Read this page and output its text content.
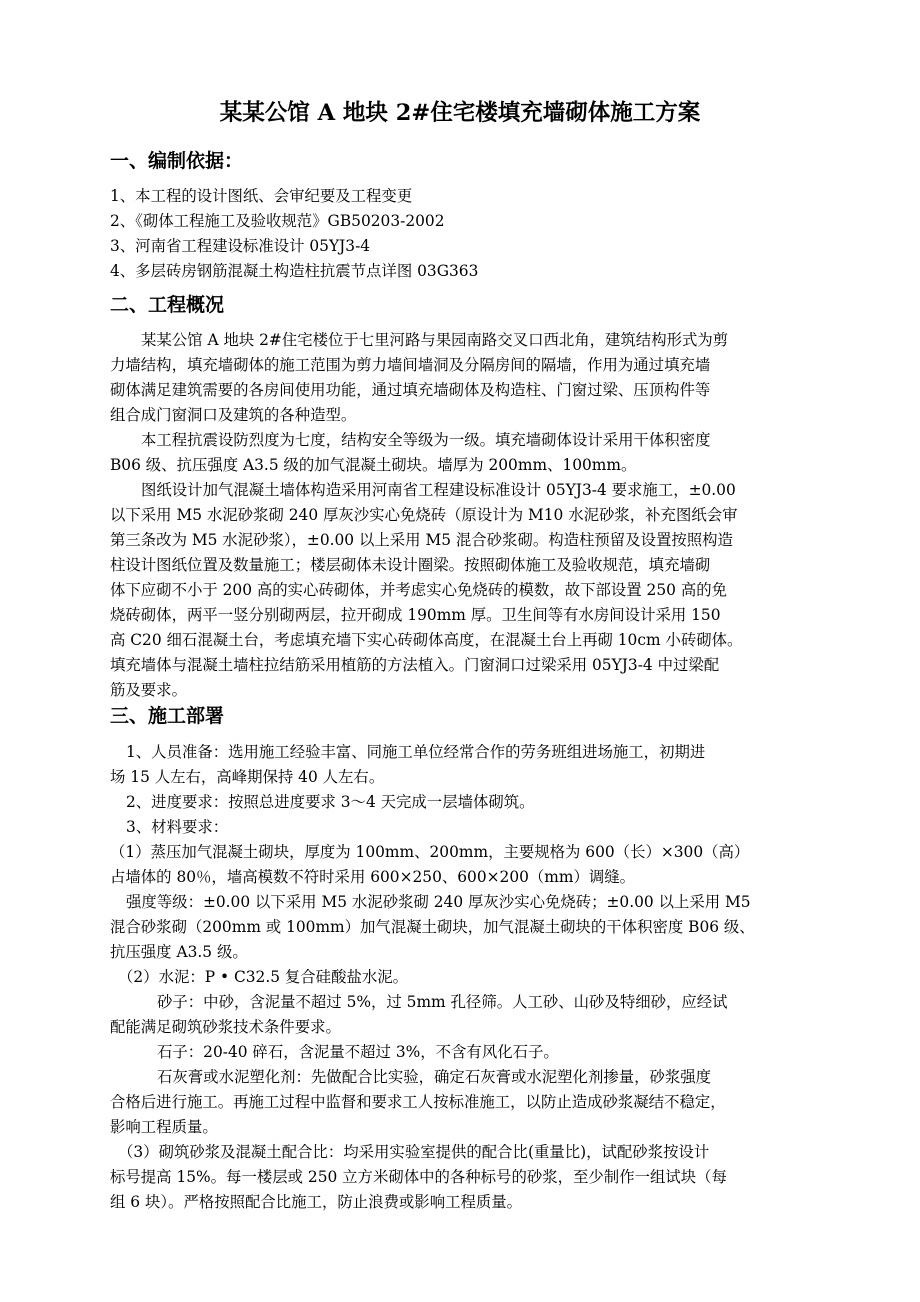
某某公馆 A 地块 2#住宅楼填充墙砌体施工方案
一、编制依据：
1、本工程的设计图纸、会审纪要及工程变更
2、《砌体工程施工及验收规范》GB50203-2002
3、河南省工程建设标准设计 05YJ3-4
4、多层砖房钢筋混凝土构造柱抗震节点详图 03G363
二、工程概况
某某公馆 A 地块 2#住宅楼位于七里河路与果园南路交叉口西北角，建筑结构形式为剪
力墙结构，填充墙砌体的施工范围为剪力墙间墙洞及分隔房间的隔墙，作用为通过填充墙
砌体满足建筑需要的各房间使用功能，通过填充墙砌体及构造柱、门窗过梁、压顶构件等
组合成门窗洞口及建筑的各种造型。
本工程抗震设防烈度为七度，结构安全等级为一级。填充墙砌体设计采用干体积密度
B06 级、抗压强度 A3.5 级的加气混凝土砌块。墙厚为 200mm、100mm。
图纸设计加气混凝土墙体构造采用河南省工程建设标准设计 05YJ3-4 要求施工，±0.00
以下采用 M5 水泥砂浆砌 240 厚灰沙实心免烧砖（原设计为 M10 水泥砂浆，补充图纸会审
第三条改为 M5 水泥砂浆），±0.00 以上采用 M5 混合砂浆砌。构造柱预留及设置按照构造
柱设计图纸位置及数量施工；楼层砌体未设计圈梁。按照砌体施工及验收规范，填充墙砌
体下应砌不小于 200 高的实心砖砌体，并考虑实心免烧砖的模数，故下部设置 250 高的免
烧砖砌体，两平一竖分别砌两层，拉开砌成 190mm 厚。卫生间等有水房间设计采用 150
高 C20 细石混凝土台，考虑填充墙下实心砖砌体高度，在混凝土台上再砌 10cm 小砖砌体。
填充墙体与混凝土墙柱拉结筋采用植筋的方法植入。门窗洞口过梁采用 05YJ3-4 中过梁配
筋及要求。
三、施工部署
1、人员准备：选用施工经验丰富、同施工单位经常合作的劳务班组进场施工，初期进
场 15 人左右，高峰期保持 40 人左右。
2、进度要求：按照总进度要求 3～4 天完成一层墙体砌筑。
3、材料要求：
（1）蒸压加气混凝土砌块，厚度为 100mm、200mm，主要规格为 600（长）×300（高）
占墙体的 80％，墙高模数不符时采用 600×250、600×200（mm）调缝。
强度等级：±0.00 以下采用 M5 水泥砂浆砌 240 厚灰沙实心免烧砖；±0.00 以上采用 M5
混合砂浆砌（200mm 或 100mm）加气混凝土砌块，加气混凝土砌块的干体积密度 B06 级、
抗压强度 A3.5 级。
（2）水泥：P • C32.5 复合硅酸盐水泥。
砂子：中砂，含泥量不超过 5%，过 5mm 孔径筛。人工砂、山砂及特细砂，应经试
配能满足砌筑砂浆技术条件要求。
石子：20-40 碎石，含泥量不超过 3%，不含有风化石子。
石灰膏或水泥塑化剂：先做配合比实验，确定石灰膏或水泥塑化剂掺量，砂浆强度
合格后进行施工。再施工过程中监督和要求工人按标准施工，以防止造成砂浆凝结不稳定，
影响工程质量。
（3）砌筑砂浆及混凝土配合比：均采用实验室提供的配合比(重量比)，试配砂浆按设计
标号提高 15%。每一楼层或 250 立方米砌体中的各种标号的砂浆，至少制作一组试块（每
组 6 块）。严格按照配合比施工，防止浪费或影响工程质量。
